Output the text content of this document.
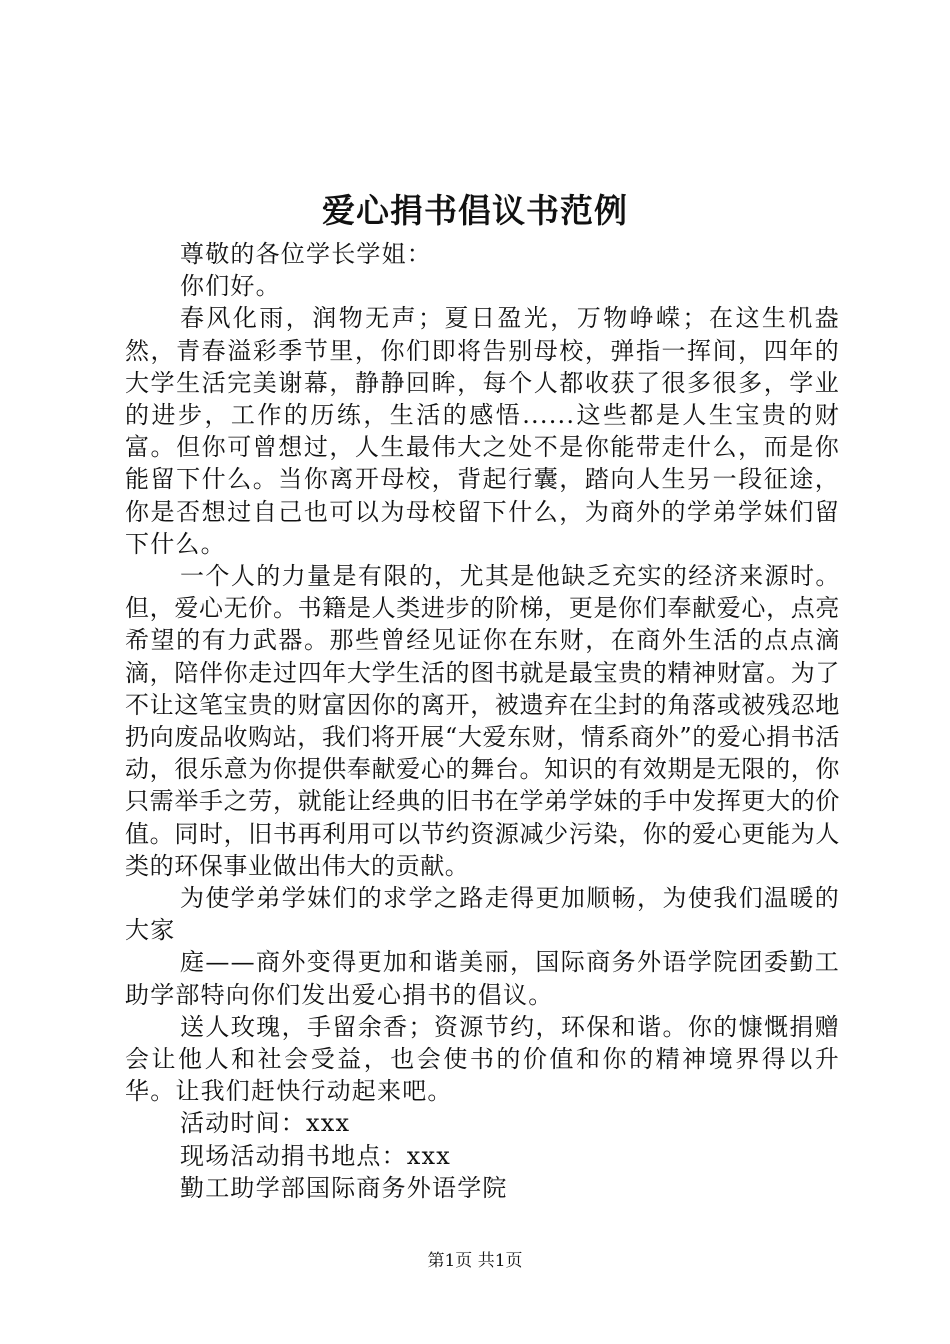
爱心捐书倡议书范例

尊敬的各位学长学姐：

你们好。

春风化雨，润物无声；夏日盈光，万物峥嵘；在这生机盎然，青春溢彩季节里，你们即将告别母校，弹指一挥间，四年的大学生活完美谢幕，静静回眸，每个人都收获了很多很多，学业的进步，工作的历练，生活的感悟......这些都是人生宝贵的财富。但你可曾想过，人生最伟大之处不是你能带走什么，而是你能留下什么。当你离开母校，背起行囊，踏向人生另一段征途，你是否想过自己也可以为母校留下什么，为商外的学弟学妹们留下什么。

一个人的力量是有限的，尤其是他缺乏充实的经济来源时。但，爱心无价。书籍是人类进步的阶梯，更是你们奉献爱心，点亮希望的有力武器。那些曾经见证你在东财，在商外生活的点点滴滴，陪伴你走过四年大学生活的图书就是最宝贵的精神财富。为了不让这笔宝贵的财富因你的离开，被遗弃在尘封的角落或被残忍地扔向废品收购站，我们将开展“大爱东财，情系商外”的爱心捐书活动，很乐意为你提供奉献爱心的舞台。知识的有效期是无限的，你只需举手之劳，就能让经典的旧书在学弟学妹的手中发挥更大的价值。同时，旧书再利用可以节约资源减少污染，你的爱心更能为人类的环保事业做出伟大的贡献。

为使学弟学妹们的求学之路走得更加顺畅，为使我们温暖的大家

庭——商外变得更加和谐美丽，国际商务外语学院团委勤工助学部特向你们发出爱心捐书的倡议。

送人玫瑰，手留余香；资源节约，环保和谐。你的慷慨捐赠会让他人和社会受益，也会使书的价值和你的精神境界得以升华。让我们赶快行动起来吧。

活动时间：xxx

现场活动捐书地点：xxx

勤工助学部国际商务外语学院

第1页 共1页
